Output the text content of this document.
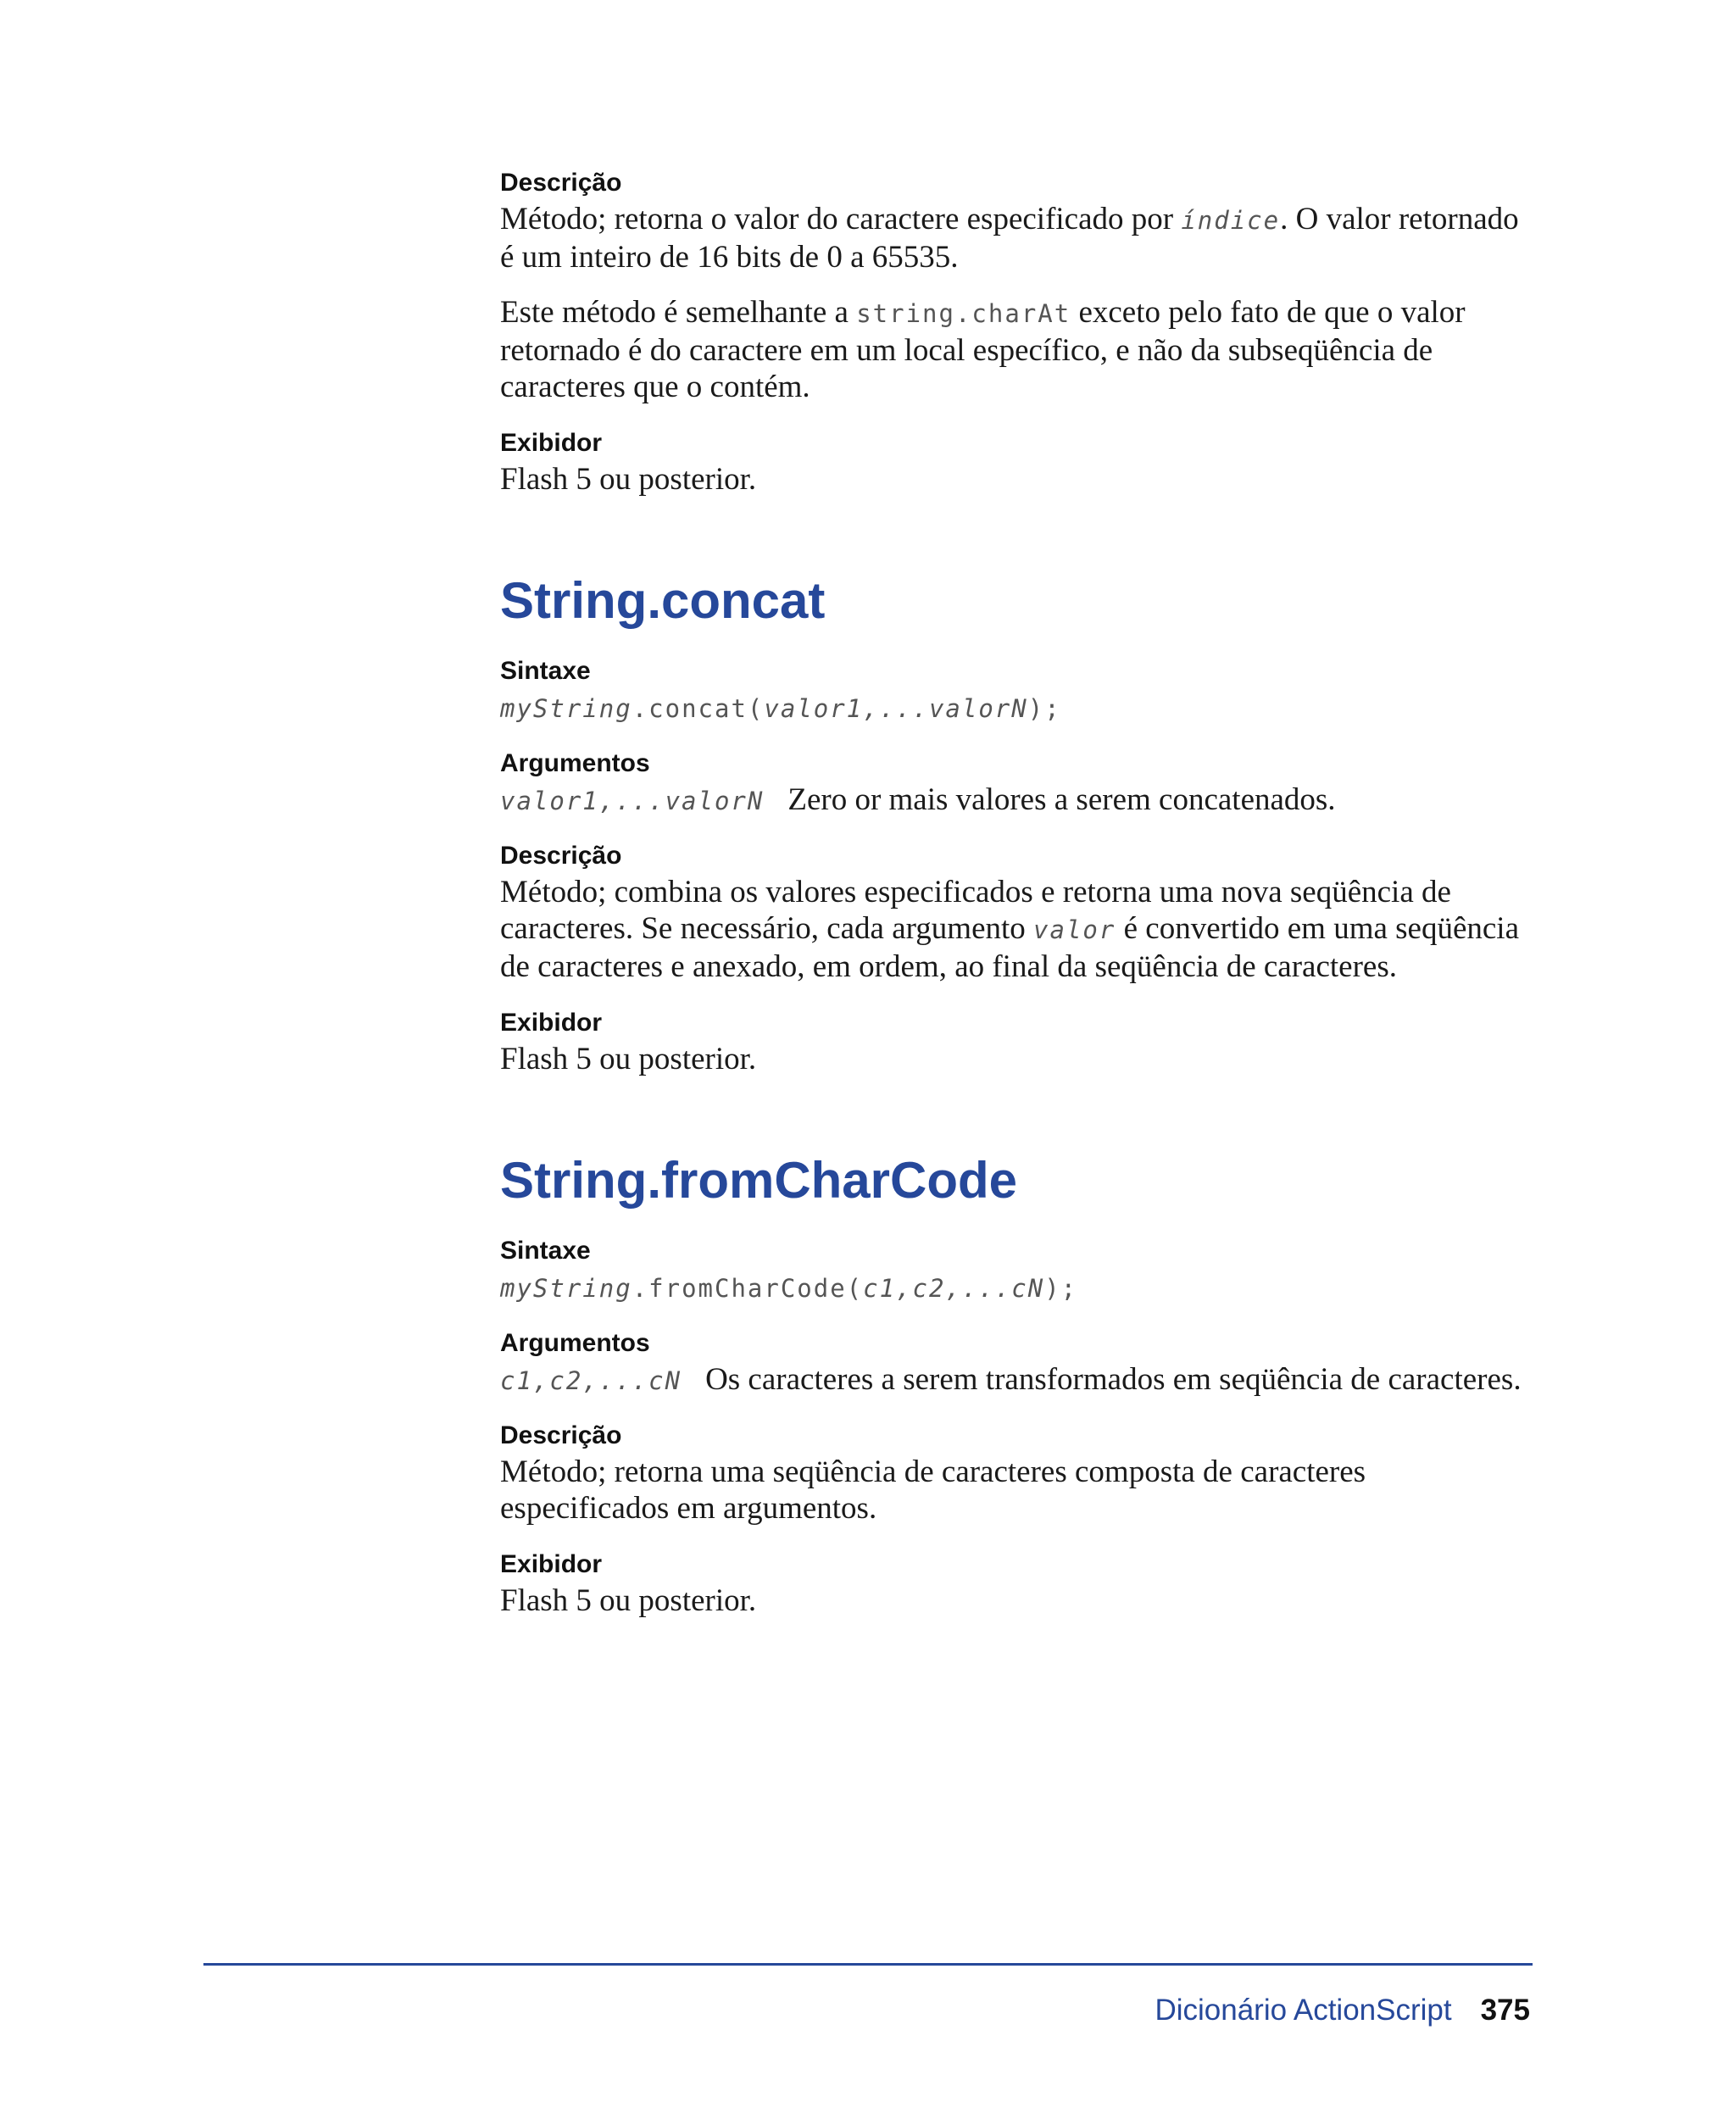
Descrição

Método; retorna o valor do caractere especificado por índice. O valor retornado é um inteiro de 16 bits de 0 a 65535.

Este método é semelhante a string.charAt exceto pelo fato de que o valor retornado é do caractere em um local específico, e não da subseqüência de caracteres que o contém.

Exibidor

Flash 5 ou posterior.

String.concat

Sintaxe

myString.concat(valor1,...valorN);

Argumentos

valor1,...valorN Zero or mais valores a serem concatenados.

Descrição

Método; combina os valores especificados e retorna uma nova seqüência de caracteres. Se necessário, cada argumento valor é convertido em uma seqüência de caracteres e anexado, em ordem, ao final da seqüência de caracteres.

Exibidor

Flash 5 ou posterior.

String.fromCharCode

Sintaxe

myString.fromCharCode(c1,c2,...cN);

Argumentos

c1,c2,...cN Os caracteres a serem transformados em seqüência de caracteres.

Descrição

Método; retorna uma seqüência de caracteres composta de caracteres especificados em argumentos.

Exibidor

Flash 5 ou posterior.

Dicionário ActionScript 375
